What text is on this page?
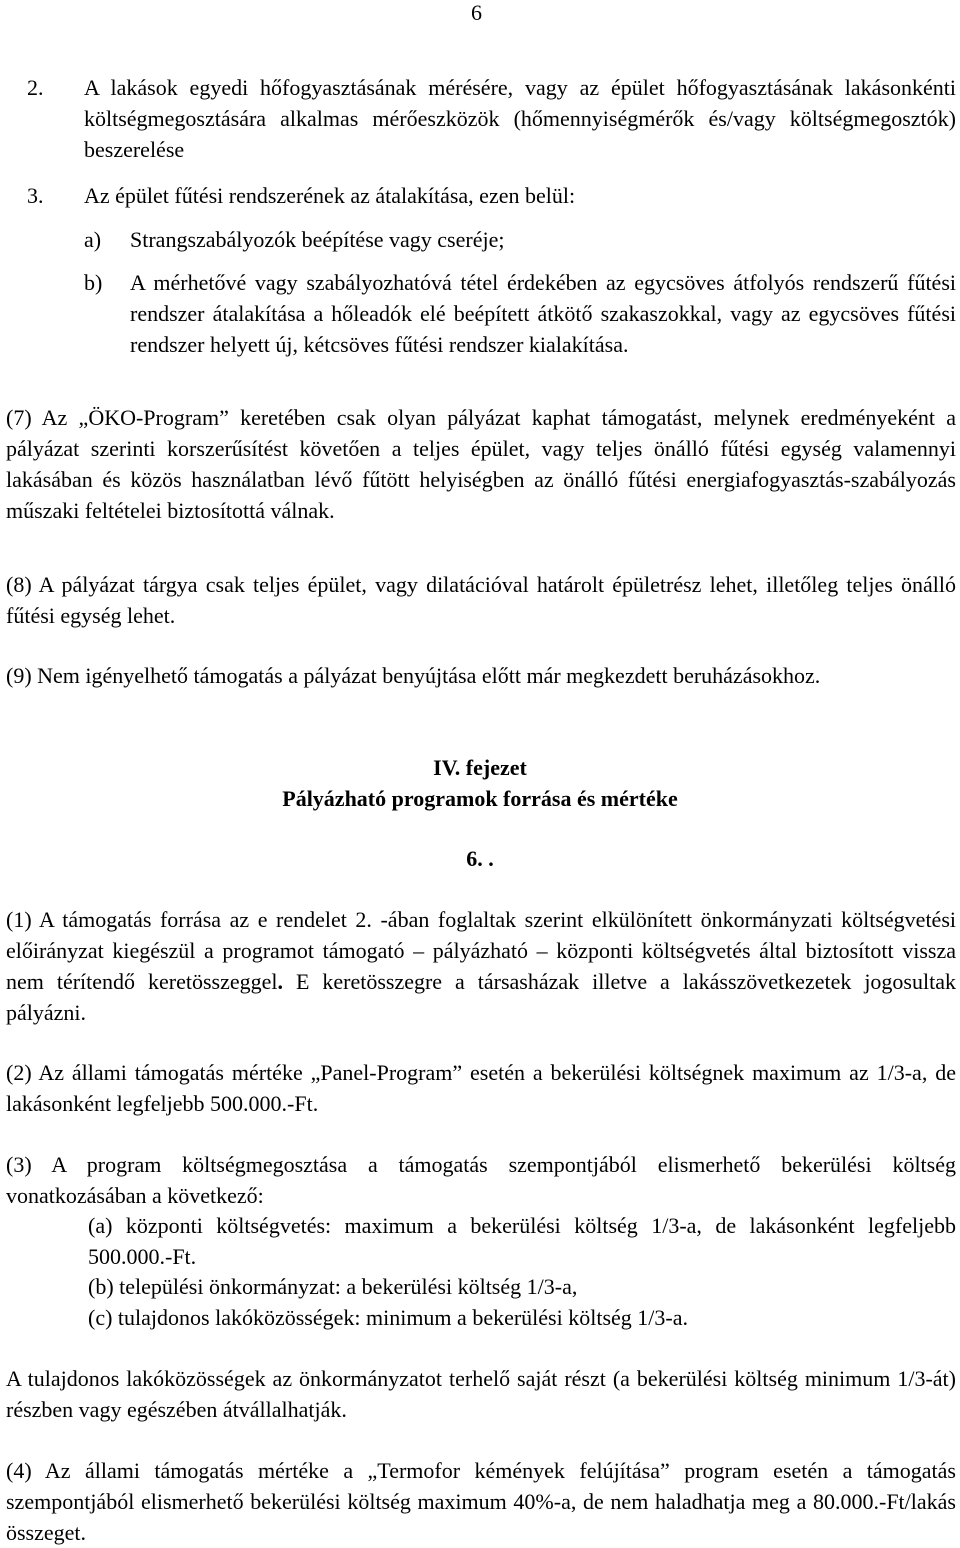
6
2. A lakások egyedi hőfogyasztásának mérésére, vagy az épület hőfogyasztásának lakásonkénti költségmegosztására alkalmas mérőeszközök (hőmennyiségmérők és/vagy költségmegosztók) beszerelése
3. Az épület fűtési rendszerének az átalakítása, ezen belül:
a) Strangszabályozók beépítése vagy cseréje;
b) A mérhetővé vagy szabályozhatóvá tétel érdekében az egycsöves átfolyós rendszerű fűtési rendszer átalakítása a hőleadók elé beépített átkötő szakaszokkal, vagy az egycsöves fűtési rendszer helyett új, kétcsöves fűtési rendszer kialakítása.
(7) Az „ÖKO-Program” keretében csak olyan pályázat kaphat támogatást, melynek eredményeként a pályázat szerinti korszerűsítést követően a teljes épület, vagy teljes önálló fűtési egység valamennyi lakásában és közös használatban lévő fűtött helyiségben az önálló fűtési energiafogyasztás-szabályozás műszaki feltételei biztosítottá válnak.
(8) A pályázat tárgya csak teljes épület, vagy dilatációval határolt épületrész lehet, illetőleg teljes önálló fűtési egység lehet.
(9) Nem igényelhető támogatás a pályázat benyújtása előtt már megkezdett beruházásokhoz.
IV. fejezet
Pályázható programok forrása és mértéke
6. .
(1) A támogatás forrása az e rendelet 2. -ában foglaltak szerint elkülönített önkormányzati költségvetési előirányzat kiegészül a programot támogató – pályázható – központi költségvetés által biztosított vissza nem térítendő keretösszeggel. E keretösszegre a társasházak illetve a lakásszövetkezetek jogosultak pályázni.
(2) Az állami támogatás mértéke „Panel-Program” esetén a bekerülési költségnek maximum az 1/3-a, de lakásonként legfeljebb 500.000.-Ft.
(3) A program költségmegosztása a támogatás szempontjából elismerhető bekerülési költség vonatkozásában a következő:
(a) központi költségvetés: maximum a bekerülési költség 1/3-a, de lakásonként legfeljebb 500.000.-Ft.
(b) települési önkormányzat: a bekerülési költség 1/3-a,
(c) tulajdonos lakóközösségek: minimum a bekerülési költség 1/3-a.
A tulajdonos lakóközösségek az önkormányzatot terhelő saját részt (a bekerülési költség minimum 1/3-át) részben vagy egészében átvállalhatják.
(4) Az állami támogatás mértéke a „Termofor kémények felújítása” program esetén a támogatás szempontjából elismerhető bekerülési költség maximum 40%-a, de nem haladhatja meg a 80.000.-Ft/lakás összeget.
